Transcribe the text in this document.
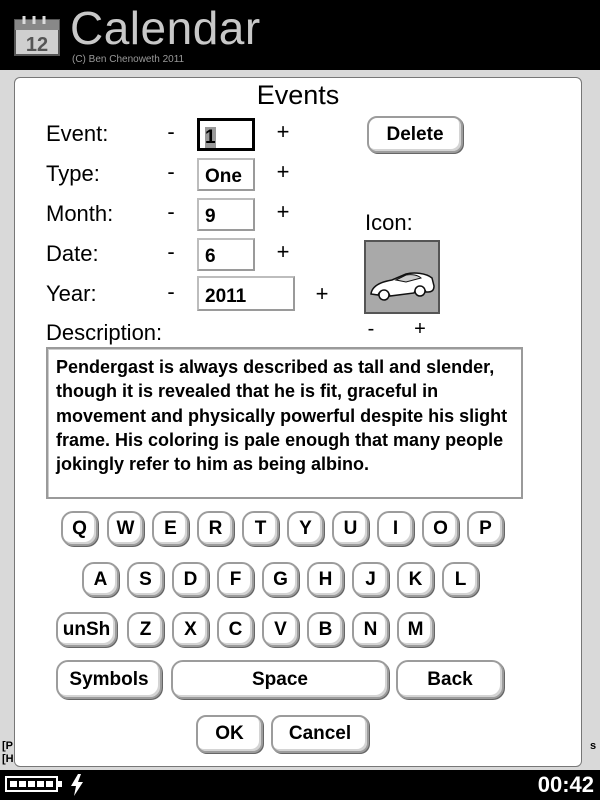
12 Calendar
(C) Ben Chenoweth 2011
[P
[H
s
Events
Event:	-	1	+	Delete
Type:	-	One	+
Month: -	9	+
Date:	-	6	+
Year:	-	2011	+
Icon:
- +
Description:
Pendergast is always described as tall and slender, though it is revealed that he is fit, graceful in movement and physically powerful despite his slight frame. His coloring is pale enough that many people jokingly refer to him as being albino.
Q	W	E	R	T	Y	U	I	O	P
A	S	D	F	G	H	J	K	L
unSh	Z	X	C	V	B	N	M
Symbols	Space	Back
OK	Cancel
00:42
